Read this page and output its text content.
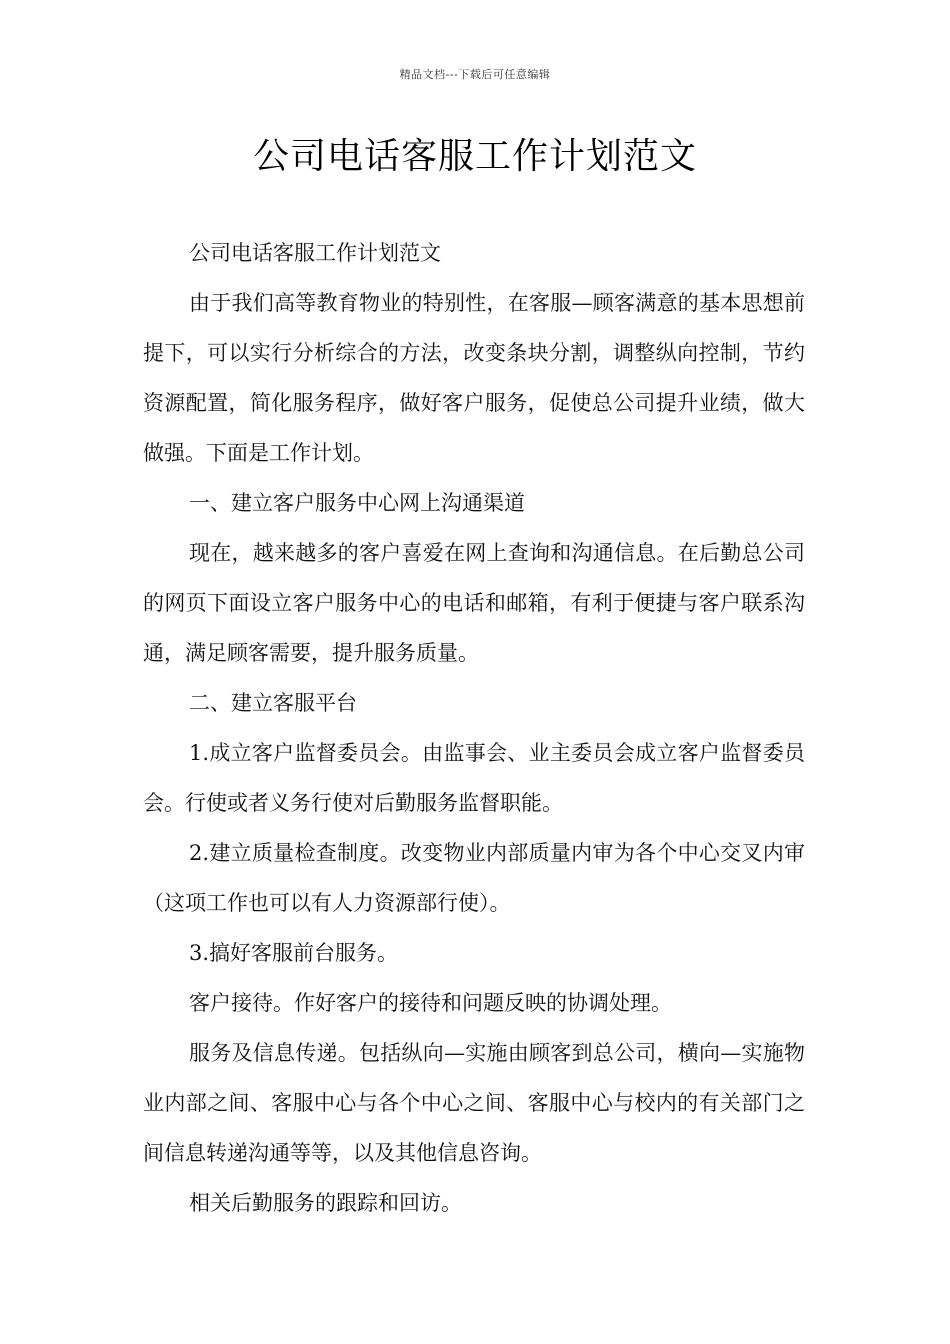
精品文档---下载后可任意编辑
公司电话客服工作计划范文

公司电话客服工作计划范文

由于我们高等教育物业的特别性，在客服—顾客满意的基本思想前提下，可以实行分析综合的方法，改变条块分割，调整纵向控制，节约资源配置，简化服务程序，做好客户服务，促使总公司提升业绩，做大做强。下面是工作计划。

一、建立客户服务中心网上沟通渠道

现在，越来越多的客户喜爱在网上查询和沟通信息。在后勤总公司的网页下面设立客户服务中心的电话和邮箱，有利于便捷与客户联系沟通，满足顾客需要，提升服务质量。

二、建立客服平台

1.成立客户监督委员会。由监事会、业主委员会成立客户监督委员会。行使或者义务行使对后勤服务监督职能。

2.建立质量检查制度。改变物业内部质量内审为各个中心交叉内审（这项工作也可以有人力资源部行使）。

3.搞好客服前台服务。

客户接待。作好客户的接待和问题反映的协调处理。

服务及信息传递。包括纵向—实施由顾客到总公司，横向—实施物业内部之间、客服中心与各个中心之间、客服中心与校内的有关部门之间信息转递沟通等等，以及其他信息咨询。

相关后勤服务的跟踪和回访。
